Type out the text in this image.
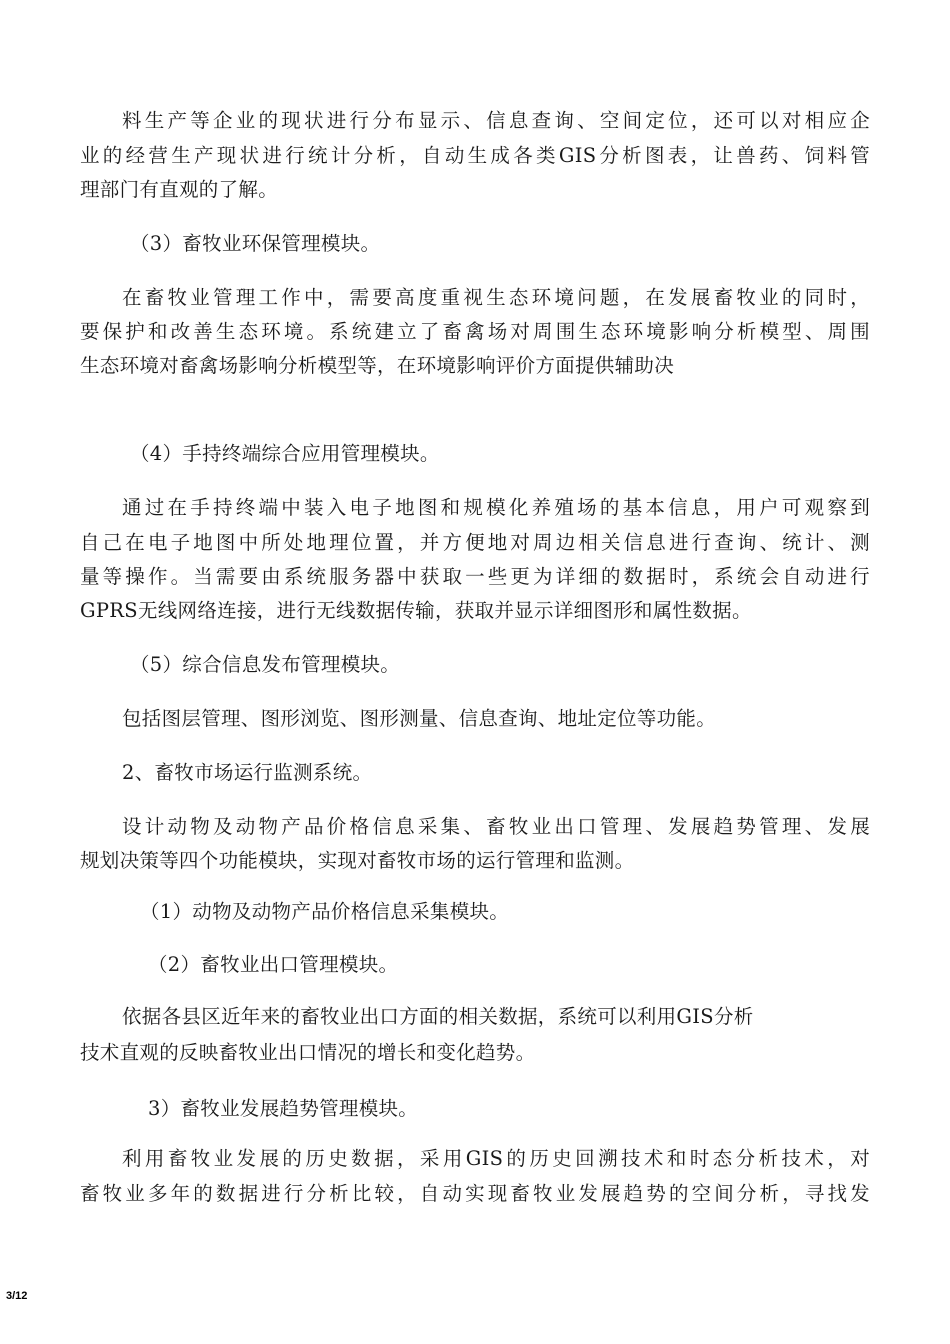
料生产等企业的现状进行分布显示、信息查询、空间定位，还可以对相应企
业的经营生产现状进行统计分析，自动生成各类GIS分析图表，让兽药、饲料管
理部门有直观的了解。
（3）畜牧业环保管理模块。
在畜牧业管理工作中，需要高度重视生态环境问题，在发展畜牧业的同时，
要保护和改善生态环境。系统建立了畜禽场对周围生态环境影响分析模型、周围
生态环境对畜禽场影响分析模型等，在环境影响评价方面提供辅助决
（4）手持终端综合应用管理模块。
通过在手持终端中装入电子地图和规模化养殖场的基本信息，用户可观察到
自己在电子地图中所处地理位置，并方便地对周边相关信息进行查询、统计、测
量等操作。当需要由系统服务器中获取一些更为详细的数据时，系统会自动进行
GPRS无线网络连接，进行无线数据传输，获取并显示详细图形和属性数据。
（5）综合信息发布管理模块。
包括图层管理、图形浏览、图形测量、信息查询、地址定位等功能。
2、畜牧市场运行监测系统。
设计动物及动物产品价格信息采集、畜牧业出口管理、发展趋势管理、发展
规划决策等四个功能模块，实现对畜牧市场的运行管理和监测。
（1）动物及动物产品价格信息采集模块。
（2）畜牧业出口管理模块。
依据各县区近年来的畜牧业出口方面的相关数据，系统可以利用GIS分析
技术直观的反映畜牧业出口情况的增长和变化趋势。
3）畜牧业发展趋势管理模块。
利用畜牧业发展的历史数据，采用GIS的历史回溯技术和时态分析技术，对
畜牧业多年的数据进行分析比较，自动实现畜牧业发展趋势的空间分析，寻找发
3/12
